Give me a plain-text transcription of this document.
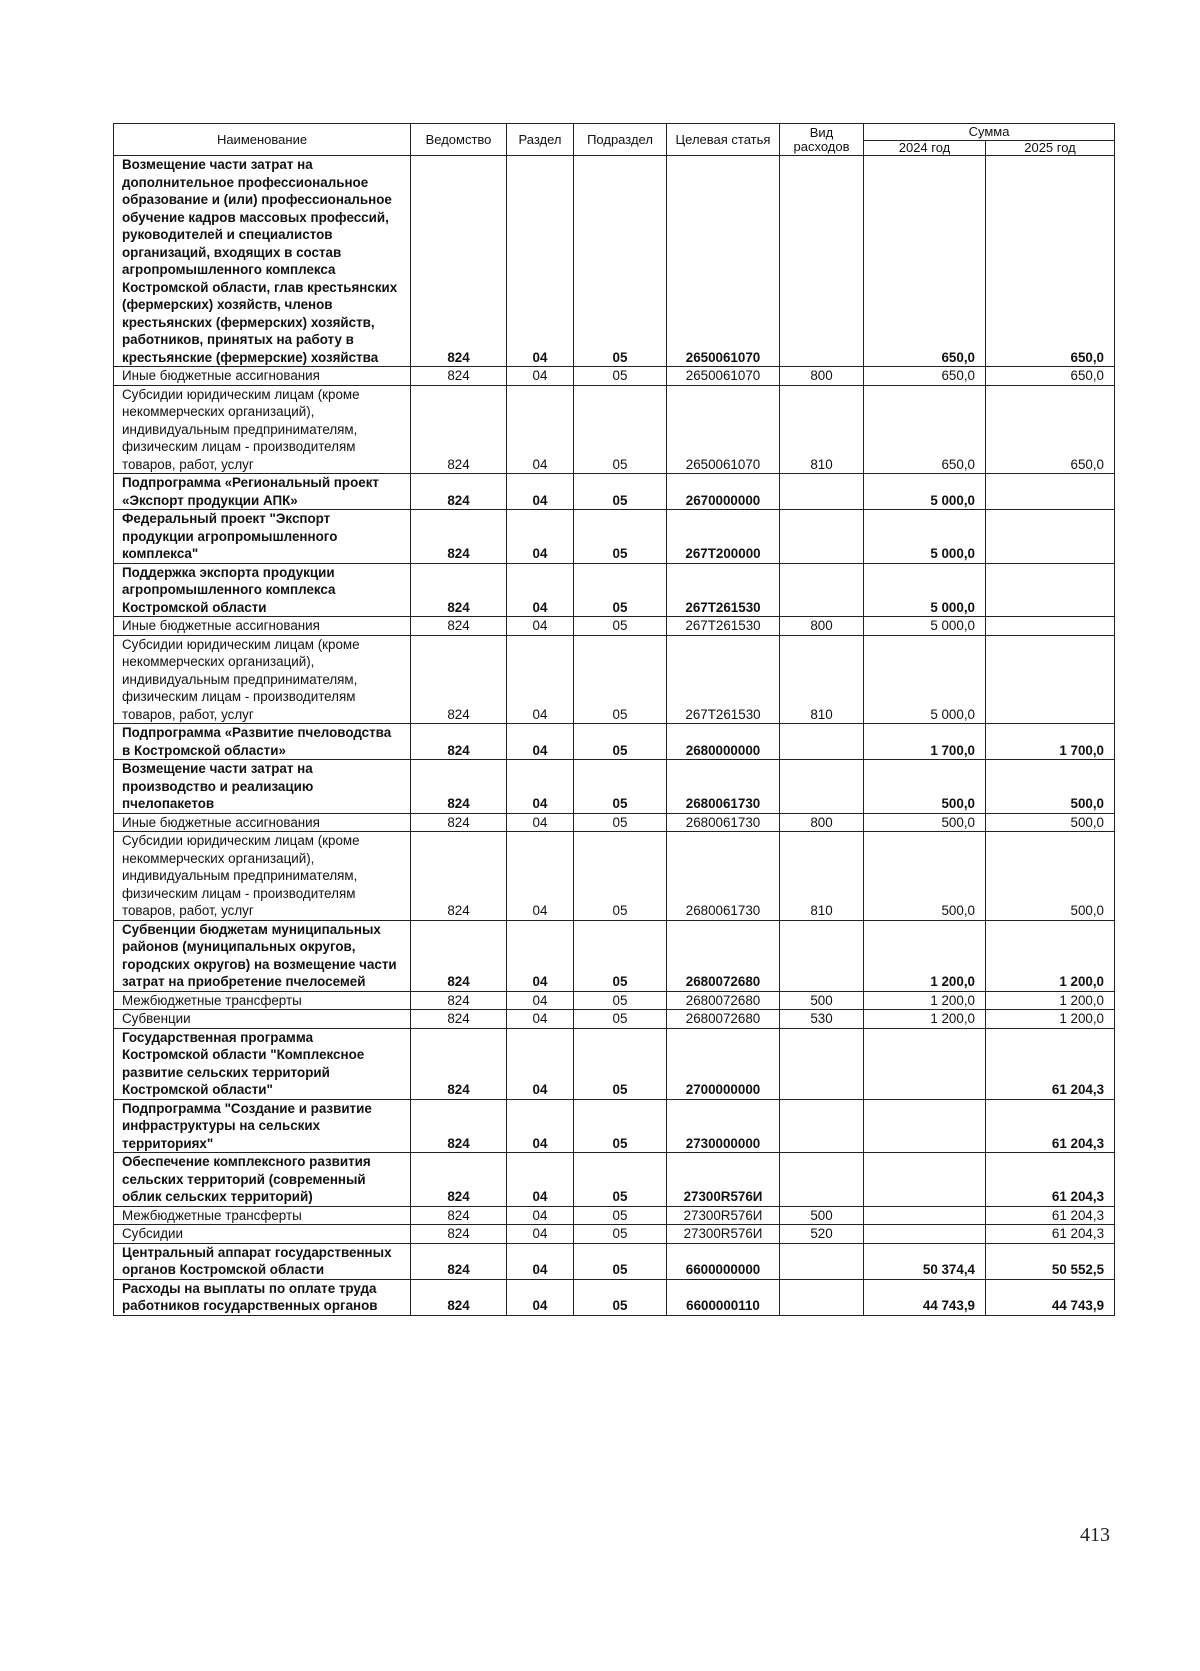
Наименование	Ведомство	Раздел	Подраздел	Целевая статья	Вид расходов	Сумма	
						2024 год	2025 год
Возмещение части затрат на дополнительное профессиональное образование и (или) профессиональное обучение кадров массовых профессий, руководителей и специалистов организаций, входящих в состав агропромышленного комплекса Костромской области, глав крестьянских (фермерских) хозяйств, членов крестьянских (фермерских) хозяйств, работников, принятых на работу в крестьянские (фермерские) хозяйства	824	04	05	2650061070		650,0	650,0
Иные бюджетные ассигнования	824	04	05	2650061070	800	650,0	650,0
Субсидии юридическим лицам (кроме некоммерческих организаций), индивидуальным предпринимателям, физическим лицам - производителям товаров, работ, услуг	824	04	05	2650061070	810	650,0	650,0
Подпрограмма «Региональный проект «Экспорт продукции АПК»	824	04	05	2670000000		5 000,0	
Федеральный проект "Экспорт продукции агропромышленного комплекса"	824	04	05	267T200000		5 000,0	
Поддержка экспорта продукции агропромышленного комплекса Костромской области	824	04	05	267T261530		5 000,0	
Иные бюджетные ассигнования	824	04	05	267T261530	800	5 000,0	
Субсидии юридическим лицам (кроме некоммерческих организаций), индивидуальным предпринимателям, физическим лицам - производителям товаров, работ, услуг	824	04	05	267T261530	810	5 000,0	
Подпрограмма «Развитие пчеловодства в Костромской области»	824	04	05	2680000000		1 700,0	1 700,0
Возмещение части затрат на производство и реализацию пчелопакетов	824	04	05	2680061730		500,0	500,0
Иные бюджетные ассигнования	824	04	05	2680061730	800	500,0	500,0
Субсидии юридическим лицам (кроме некоммерческих организаций), индивидуальным предпринимателям, физическим лицам - производителям товаров, работ, услуг	824	04	05	2680061730	810	500,0	500,0
Субвенции бюджетам муниципальных районов (муниципальных округов, городских округов) на возмещение части затрат на приобретение пчелосемей	824	04	05	2680072680		1 200,0	1 200,0
Межбюджетные трансферты	824	04	05	2680072680	500	1 200,0	1 200,0
Субвенции	824	04	05	2680072680	530	1 200,0	1 200,0
Государственная программа Костромской области "Комплексное развитие сельских территорий Костромской области"	824	04	05	2700000000			61 204,3
Подпрограмма "Создание и развитие инфраструктуры на сельских территориях"	824	04	05	2730000000			61 204,3
Обеспечение комплексного развития сельских территорий (современный облик сельских территорий)	824	04	05	27300R576И			61 204,3
Межбюджетные трансферты	824	04	05	27300R576И	500		61 204,3
Субсидии	824	04	05	27300R576И	520		61 204,3
Центральный аппарат государственных органов Костромской области	824	04	05	6600000000		50 374,4	50 552,5
Расходы на выплаты по оплате труда работников государственных органов	824	04	05	6600000110		44 743,9	44 743,9
413
